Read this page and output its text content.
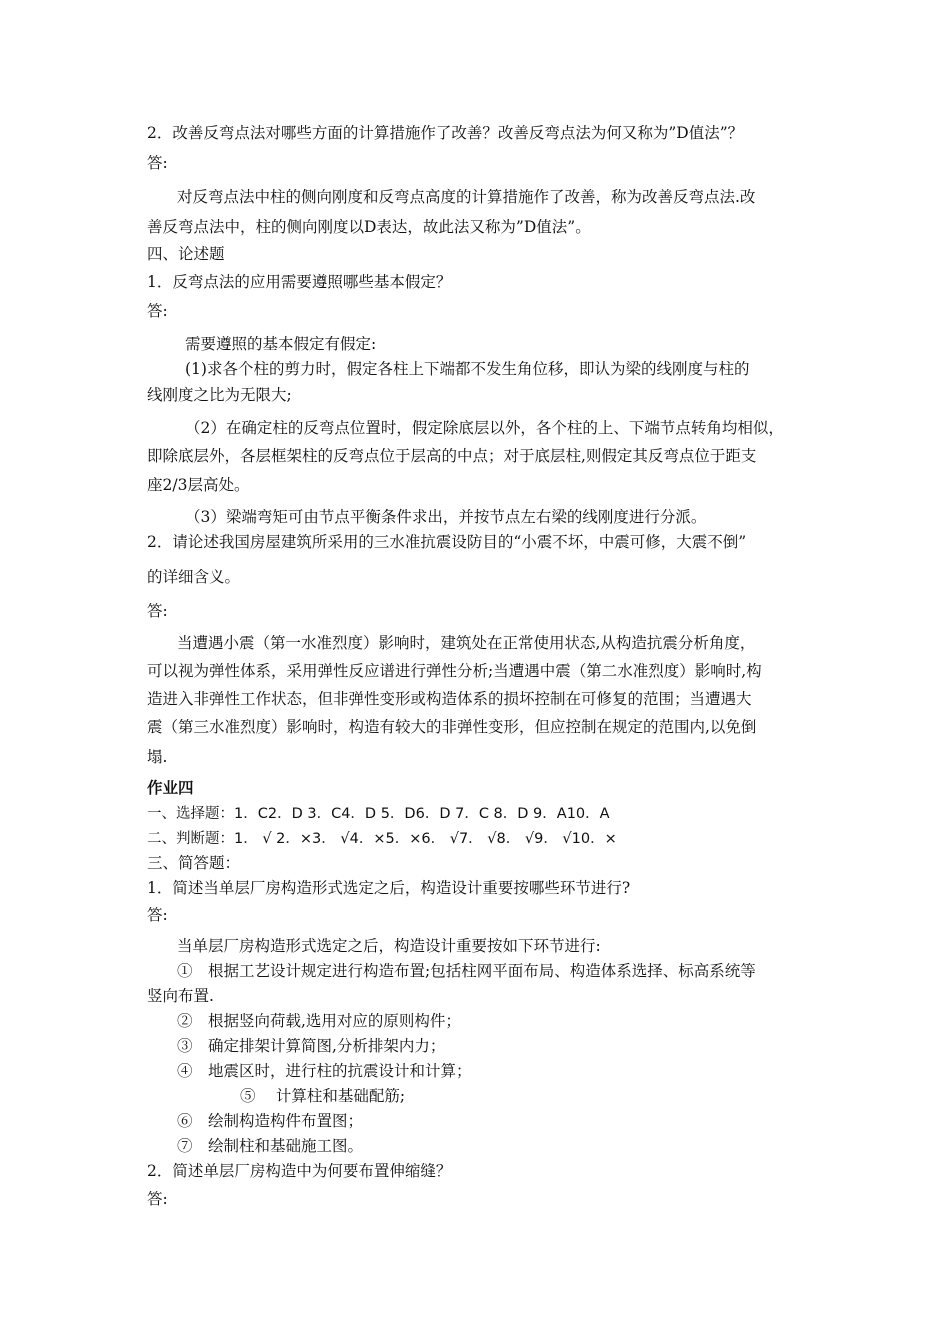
2．改善反弯点法对哪些方面的计算措施作了改善？改善反弯点法为何又称为”D值法”？
答:
对反弯点法中柱的侧向刚度和反弯点高度的计算措施作了改善，称为改善反弯点法.改
善反弯点法中，柱的侧向刚度以D表达，故此法又称为”D值法”。
四、论述题
1．反弯点法的应用需要遵照哪些基本假定？
答:
需要遵照的基本假定有假定:
(1)求各个柱的剪力时，假定各柱上下端都不发生角位移，即认为梁的线刚度与柱的
线刚度之比为无限大;
（2）在确定柱的反弯点位置时，假定除底层以外，各个柱的上、下端节点转角均相似，
即除底层外，各层框架柱的反弯点位于层高的中点；对于底层柱,则假定其反弯点位于距支
座2/3层高处。
（3）梁端弯矩可由节点平衡条件求出，并按节点左右梁的线刚度进行分派。
2．请论述我国房屋建筑所采用的三水准抗震设防目的“小震不坏，中震可修，大震不倒”
的详细含义。
答:
当遭遇小震（第一水准烈度）影响时，建筑处在正常使用状态,从构造抗震分析角度，
可以视为弹性体系，采用弹性反应谱进行弹性分析;当遭遇中震（第二水准烈度）影响时,构
造进入非弹性工作状态，但非弹性变形或构造体系的损坏控制在可修复的范围；当遭遇大
震（第三水准烈度）影响时，构造有较大的非弹性变形，但应控制在规定的范围内,以免倒
塌.
作业四
一、选择题：1．C2．D 3．C4．D 5．D6．D 7．C 8．D 9．A10．A
二、判断题：1． √ 2．×3． √4．×5．×6． √7． √8． √9． √10．×
三、简答题：
1．简述当单层厂房构造形式选定之后，构造设计重要按哪些环节进行?
答:
当单层厂房构造形式选定之后，构造设计重要按如下环节进行:
①　根据工艺设计规定进行构造布置;包括柱网平面布局、构造体系选择、标高系统等
竖向布置.
②　根据竖向荷载,选用对应的原则构件；
③　确定排架计算简图,分析排架内力；
④　地震区时，进行柱的抗震设计和计算；
⑤　 计算柱和基础配筋;
⑥　绘制构造构件布置图；
⑦　绘制柱和基础施工图。
2．简述单层厂房构造中为何要布置伸缩缝？
答:
